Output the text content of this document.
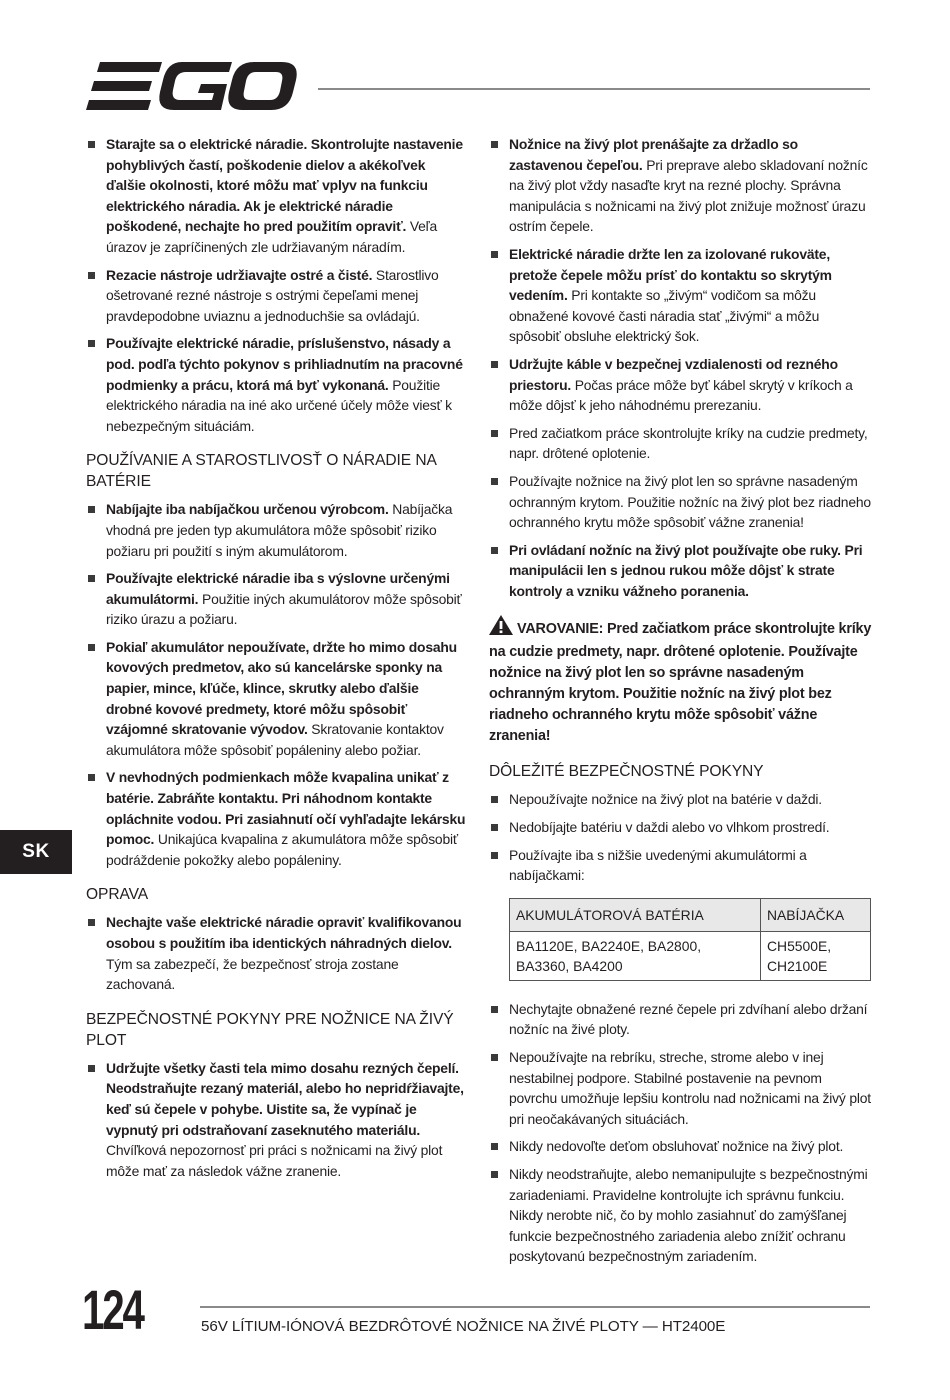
SK
Starajte sa o elektrické náradie. Skontrolujte nastavenie pohyblivých častí, poškodenie dielov a akékoľvek ďalšie okolnosti, ktoré môžu mať vplyv na funkciu elektrického náradia. Ak je elektrické náradie poškodené, nechajte ho pred použitím opraviť. Veľa úrazov je zapríčinených zle udržiavaným náradím.
Rezacie nástroje udržiavajte ostré a čisté. Starostlivo ošetrované rezné nástroje s ostrými čepeľami menej pravdepodobne uviaznu a jednoduchšie sa ovládajú.
Používajte elektrické náradie, príslušenstvo, násady a pod. podľa týchto pokynov s prihliadnutím na pracovné podmienky a prácu, ktorá má byť vykonaná. Použitie elektrického náradia na iné ako určené účely môže viesť k nebezpečným situáciám.
POUŽÍVANIE A STAROSTLIVOSŤ O NÁRADIE NA BATÉRIE
Nabíjajte iba nabíjačkou určenou výrobcom. Nabíjačka vhodná pre jeden typ akumulátora môže spôsobiť riziko požiaru pri použití s iným akumulátorom.
Používajte elektrické náradie iba s výslovne určenými akumulátormi. Použitie iných akumulátorov môže spôsobiť riziko úrazu a požiaru.
Pokiaľ akumulátor nepoužívate, držte ho mimo dosahu kovových predmetov, ako sú kancelárske sponky na papier, mince, kľúče, klince, skrutky alebo ďalšie drobné kovové predmety, ktoré môžu spôsobiť vzájomné skratovanie vývodov. Skratovanie kontaktov akumulátora môže spôsobiť popáleniny alebo požiar.
V nevhodných podmienkach môže kvapalina unikať z batérie. Zabráňte kontaktu. Pri náhodnom kontakte opláchnite vodou. Pri zasiahnutí očí vyhľadajte lekársku pomoc. Unikajúca kvapalina z akumulátora môže spôsobiť podráždenie pokožky alebo popáleniny.
OPRAVA
Nechajte vaše elektrické náradie opraviť kvalifikovanou osobou s použitím iba identických náhradných dielov. Tým sa zabezpečí, že bezpečnosť stroja zostane zachovaná.
BEZPEČNOSTNÉ POKYNY PRE NOŽNICE NA ŽIVÝ PLOT
Udržujte všetky časti tela mimo dosahu rezných čepelí. Neodstraňujte rezaný materiál, alebo ho nepridŕžiavajte, keď sú čepele v pohybe. Uistite sa, že vypínač je vypnutý pri odstraňovaní zaseknutého materiálu. Chvíľková nepozornosť pri práci s nožnicami na živý plot môže mať za následok vážne zranenie.
Nožnice na živý plot prenášajte za držadlo so zastavenou čepeľou. Pri preprave alebo skladovaní nožníc na živý plot vždy nasaďte kryt na rezné plochy. Správna manipulácia s nožnicami na živý plot znižuje možnosť úrazu ostrím čepele.
Elektrické náradie držte len za izolované rukoväte, pretože čepele môžu prísť do kontaktu so skrytým vedením. Pri kontakte so „živým“ vodičom sa môžu obnažené kovové časti náradia stať „živými“ a môžu spôsobiť obsluhe elektrický šok.
Udržujte káble v bezpečnej vzdialenosti od rezného priestoru. Počas práce môže byť kábel skrytý v kríkoch a môže dôjsť k jeho náhodnému prerezaniu.
Pred začiatkom práce skontrolujte kríky na cudzie predmety, napr. drôtené oplotenie.
Používajte nožnice na živý plot len so správne nasadeným ochranným krytom. Použitie nožníc na živý plot bez riadneho ochranného krytu môže spôsobiť vážne zranenia!
Pri ovládaní nožníc na živý plot používajte obe ruky. Pri manipulácii len s jednou rukou môže dôjsť k strate kontroly a vzniku vážneho poranenia.
VAROVANIE: Pred začiatkom práce skontrolujte kríky na cudzie predmety, napr. drôtené oplotenie. Používajte nožnice na živý plot len so správne nasadeným ochranným krytom. Použitie nožníc na živý plot bez riadneho ochranného krytu môže spôsobiť vážne zranenia!
DÔLEŽITÉ BEZPEČNOSTNÉ POKYNY
Nepoužívajte nožnice na živý plot na batérie v daždi.
Nedobíjajte batériu v daždi alebo vo vlhkom prostredí.
Používajte iba s nižšie uvedenými akumulátormi a nabíjačkami:
AKUMULÁTOROVÁ BATÉRIA	NABÍJAČKA
BA1120E, BA2240E, BA2800, BA3360, BA4200	CH5500E, CH2100E
Nechytajte obnažené rezné čepele pri zdvíhaní alebo držaní nožníc na živé ploty.
Nepoužívajte na rebríku, streche, strome alebo v inej nestabilnej podpore. Stabilné postavenie na pevnom povrchu umožňuje lepšiu kontrolu nad nožnicami na živý plot pri neočakávaných situáciách.
Nikdy nedovoľte deťom obsluhovať nožnice na živý plot.
Nikdy neodstraňujte, alebo nemanipulujte s bezpečnostnými zariadeniami. Pravidelne kontrolujte ich správnu funkciu. Nikdy nerobte nič, čo by mohlo zasiahnuť do zamýšľanej funkcie bezpečnostného zariadenia alebo znížiť ochranu poskytovanú bezpečnostným zariadením.
124	56V LÍTIUM-IÓNOVÁ BEZDRÔTOVÉ NOŽNICE NA ŽIVÉ PLOTY — HT2400E
